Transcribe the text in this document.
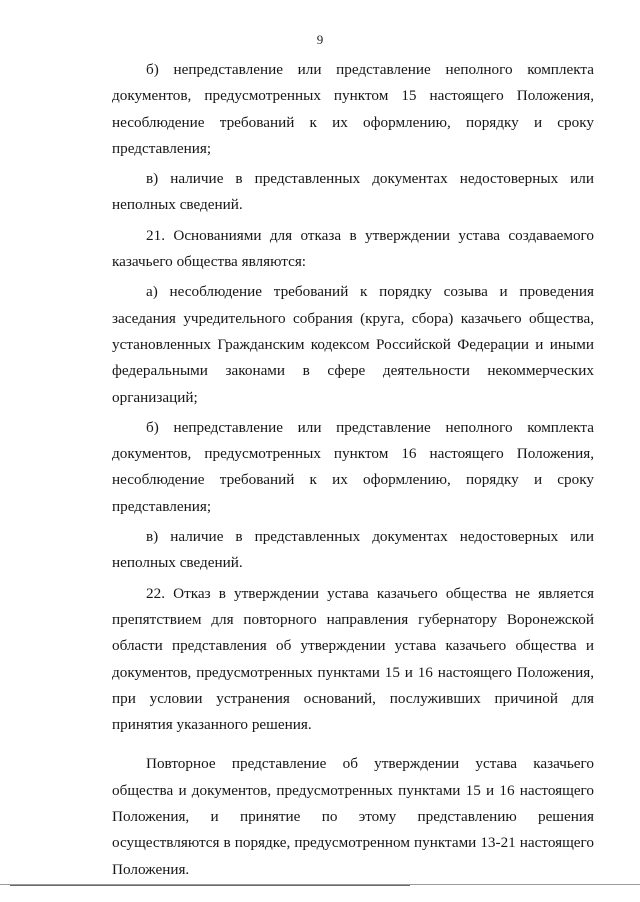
9

б) непредставление или представление неполного комплекта документов, предусмотренных пунктом 15 настоящего Положения, несоблюдение требований к их оформлению, порядку и сроку представления;

в) наличие в представленных документах недостоверных или неполных сведений.

21. Основаниями для отказа в утверждении устава создаваемого казачьего общества являются:

а) несоблюдение требований к порядку созыва и проведения заседания учредительного собрания (круга, сбора) казачьего общества, установленных Гражданским кодексом Российской Федерации и иными федеральными законами в сфере деятельности некоммерческих организаций;

б) непредставление или представление неполного комплекта документов, предусмотренных пунктом 16 настоящего Положения, несоблюдение требований к их оформлению, порядку и сроку представления;

в) наличие в представленных документах недостоверных или неполных сведений.

22. Отказ в утверждении устава казачьего общества не является препятствием для повторного направления губернатору Воронежской области представления об утверждении устава казачьего общества и документов, предусмотренных пунктами 15 и 16 настоящего Положения, при условии устранения оснований, послуживших причиной для принятия указанного решения.

Повторное представление об утверждении устава казачьего общества и документов, предусмотренных пунктами 15 и 16 настоящего Положения, и принятие по этому представлению решения осуществляются в порядке, предусмотренном пунктами 13-21 настоящего Положения.
